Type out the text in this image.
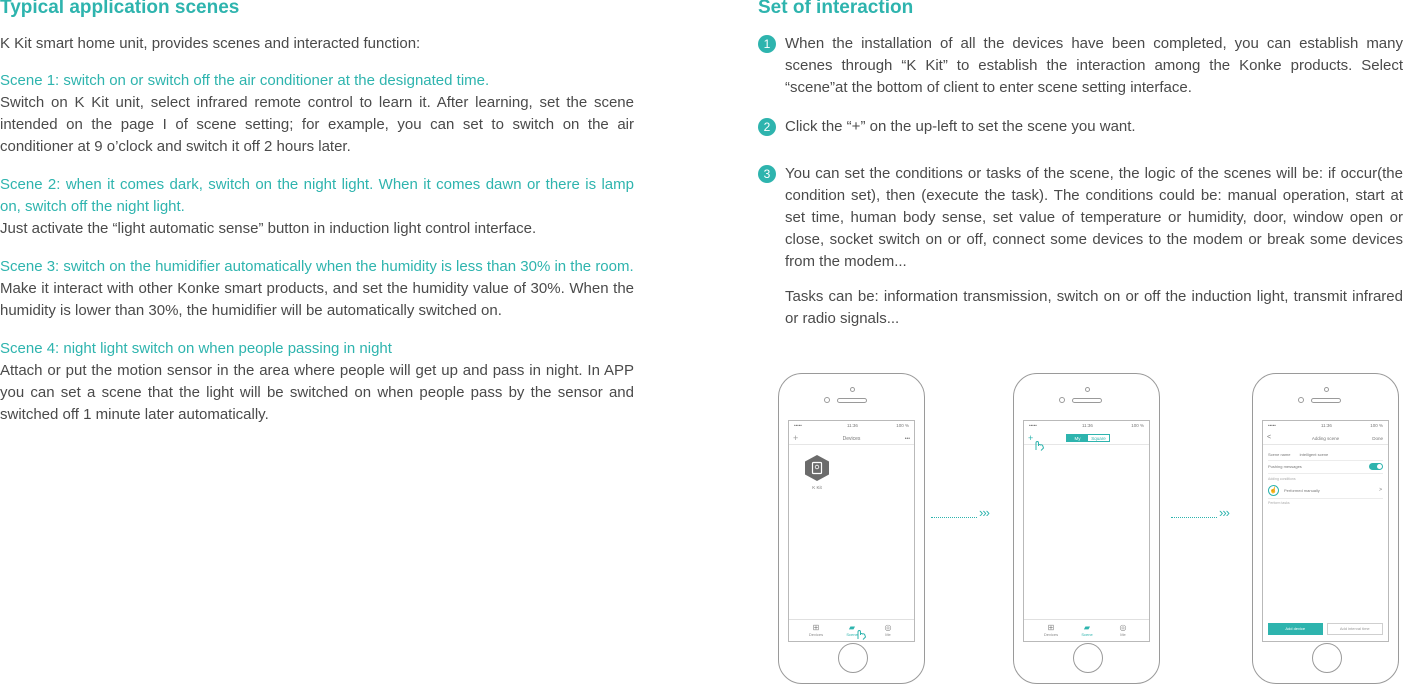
Typical application scenes

K Kit smart home unit, provides scenes and interacted function:

Scene 1: switch on or switch off the air conditioner at the designated time.

Switch on K Kit unit, select infrared remote control to learn it. After learning, set the scene intended on the page I of scene setting; for example, you can set to switch on the air conditioner at 9 o’clock and switch it off 2 hours later.

Scene 2: when it comes dark, switch on the night light. When it comes dawn or there is lamp on, switch off the night light.

Just activate the “light automatic sense” button in induction light control interface.

Scene 3: switch on the humidifier automatically when the humidity is less than 30% in the room.

Make it interact with other Konke smart products, and set the humidity value of 30%. When the humidity is lower than 30%, the humidifier will be automatically switched on.

Scene 4: night light switch on when people passing in night

Attach or put the motion sensor in the area where people will get up and pass in night. In APP you can set a scene that the light will be switched on when people pass by the sensor and switched off 1 minute later automatically.

Set of interaction
1 When the installation of all the devices have been completed, you can establish many scenes through “K Kit” to establish the interaction among the Konke products. Select “scene”at the bottom of client to enter scene setting interface.

2 Click the “+” on the up-left to set the scene you want.

3 You can set the conditions or tasks of the scene, the logic of the scenes will be: if occur(the condition set), then (execute the task). The conditions could be: manual operation, start at set time, human body sense, set value of temperature or humidity, door, window open or close, socket switch on or off, connect some devices to the modem or break some devices from the modem...

Tasks can be: information transmission, switch on or off the induction light, transmit infrared or radio signals...

•••••	11:36	100 %
+	Devices	•••
K Kit
⊞
Devices
▰
Scene
◎
Me
›››
•••••	11:36	100 %
+	My	Square
⊞
Devices
▰
Scene
◎
Me
›››
•••••	11:36	100 %
<	Adding scene	Done
Scene name intelligent scene
Pushing messages
Adding conditions
☝	Performed manually	>
Perform tasks
Add device	Add interval time
